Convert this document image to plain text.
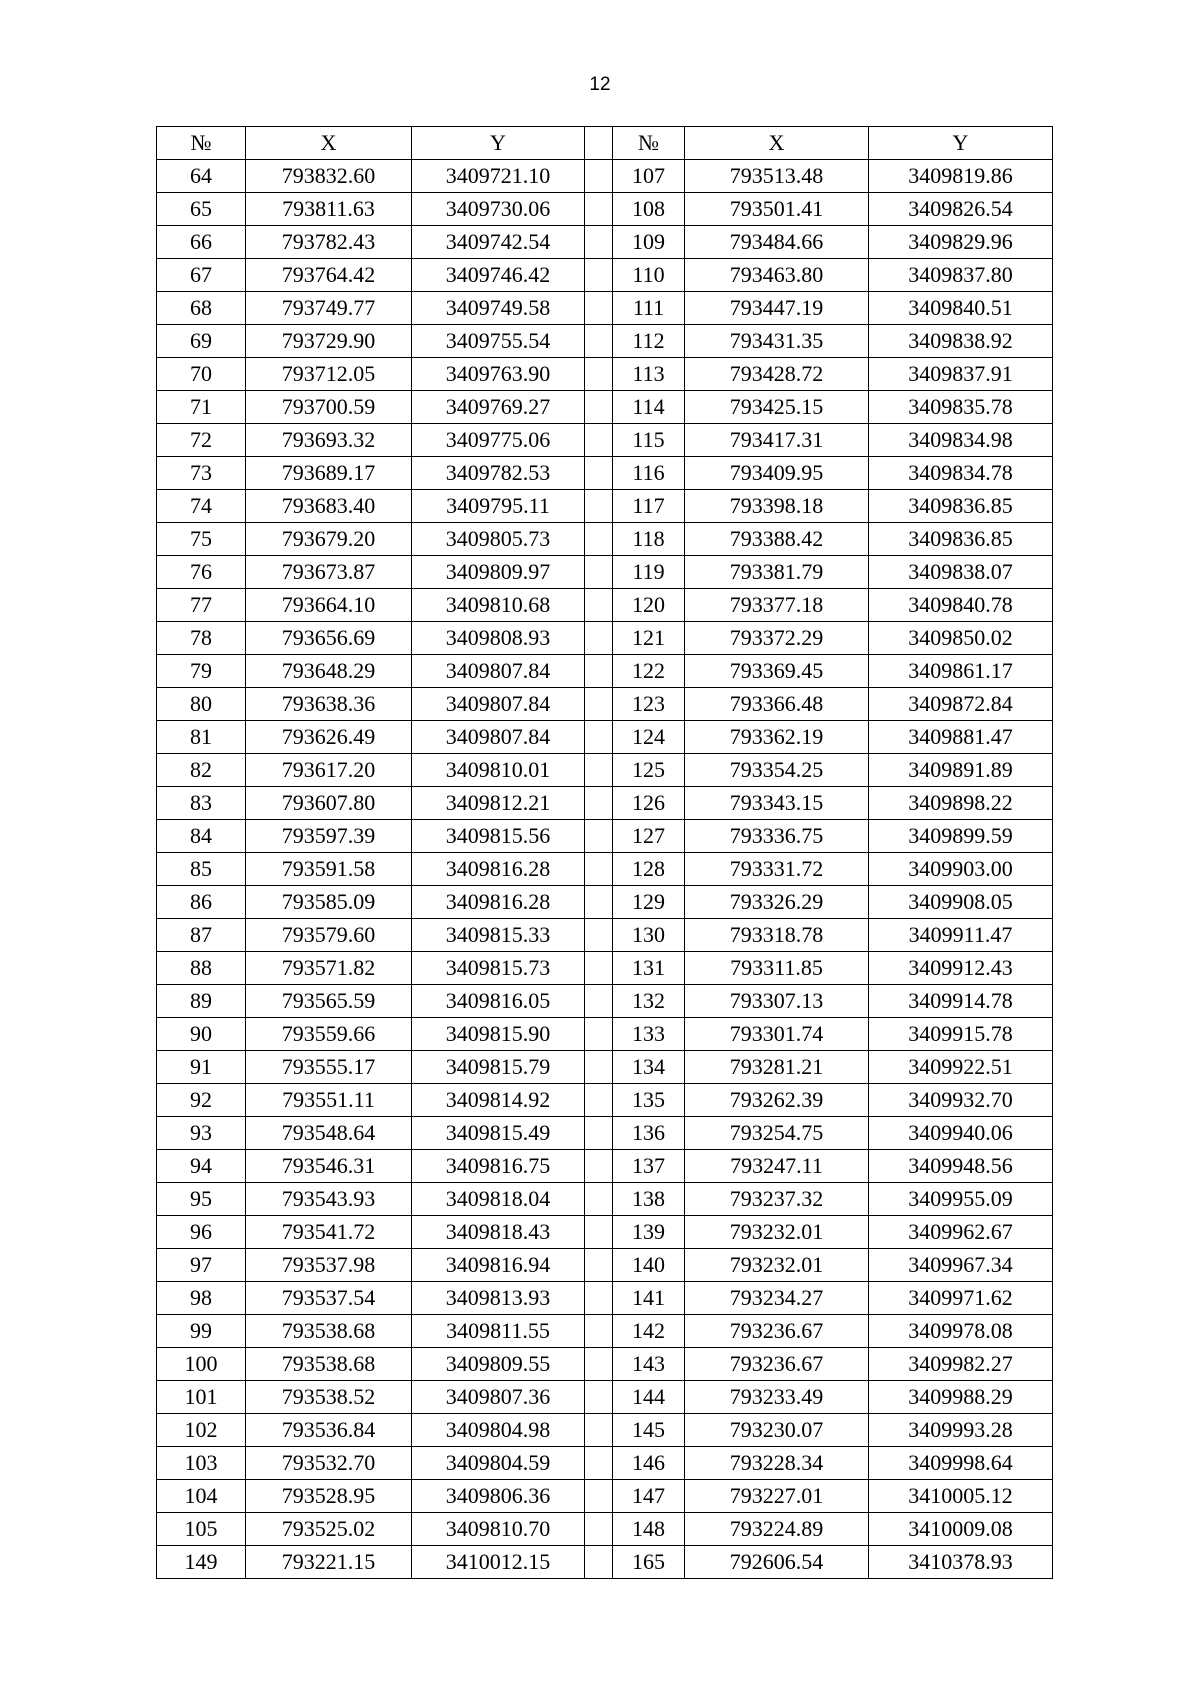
12
№	X	Y		№	X	Y
64	793832.60	3409721.10		107	793513.48	3409819.86
65	793811.63	3409730.06		108	793501.41	3409826.54
66	793782.43	3409742.54		109	793484.66	3409829.96
67	793764.42	3409746.42		110	793463.80	3409837.80
68	793749.77	3409749.58		111	793447.19	3409840.51
69	793729.90	3409755.54		112	793431.35	3409838.92
70	793712.05	3409763.90		113	793428.72	3409837.91
71	793700.59	3409769.27		114	793425.15	3409835.78
72	793693.32	3409775.06		115	793417.31	3409834.98
73	793689.17	3409782.53		116	793409.95	3409834.78
74	793683.40	3409795.11		117	793398.18	3409836.85
75	793679.20	3409805.73		118	793388.42	3409836.85
76	793673.87	3409809.97		119	793381.79	3409838.07
77	793664.10	3409810.68		120	793377.18	3409840.78
78	793656.69	3409808.93		121	793372.29	3409850.02
79	793648.29	3409807.84		122	793369.45	3409861.17
80	793638.36	3409807.84		123	793366.48	3409872.84
81	793626.49	3409807.84		124	793362.19	3409881.47
82	793617.20	3409810.01		125	793354.25	3409891.89
83	793607.80	3409812.21		126	793343.15	3409898.22
84	793597.39	3409815.56		127	793336.75	3409899.59
85	793591.58	3409816.28		128	793331.72	3409903.00
86	793585.09	3409816.28		129	793326.29	3409908.05
87	793579.60	3409815.33		130	793318.78	3409911.47
88	793571.82	3409815.73		131	793311.85	3409912.43
89	793565.59	3409816.05		132	793307.13	3409914.78
90	793559.66	3409815.90		133	793301.74	3409915.78
91	793555.17	3409815.79		134	793281.21	3409922.51
92	793551.11	3409814.92		135	793262.39	3409932.70
93	793548.64	3409815.49		136	793254.75	3409940.06
94	793546.31	3409816.75		137	793247.11	3409948.56
95	793543.93	3409818.04		138	793237.32	3409955.09
96	793541.72	3409818.43		139	793232.01	3409962.67
97	793537.98	3409816.94		140	793232.01	3409967.34
98	793537.54	3409813.93		141	793234.27	3409971.62
99	793538.68	3409811.55		142	793236.67	3409978.08
100	793538.68	3409809.55		143	793236.67	3409982.27
101	793538.52	3409807.36		144	793233.49	3409988.29
102	793536.84	3409804.98		145	793230.07	3409993.28
103	793532.70	3409804.59		146	793228.34	3409998.64
104	793528.95	3409806.36		147	793227.01	3410005.12
105	793525.02	3409810.70		148	793224.89	3410009.08
149	793221.15	3410012.15		165	792606.54	3410378.93
